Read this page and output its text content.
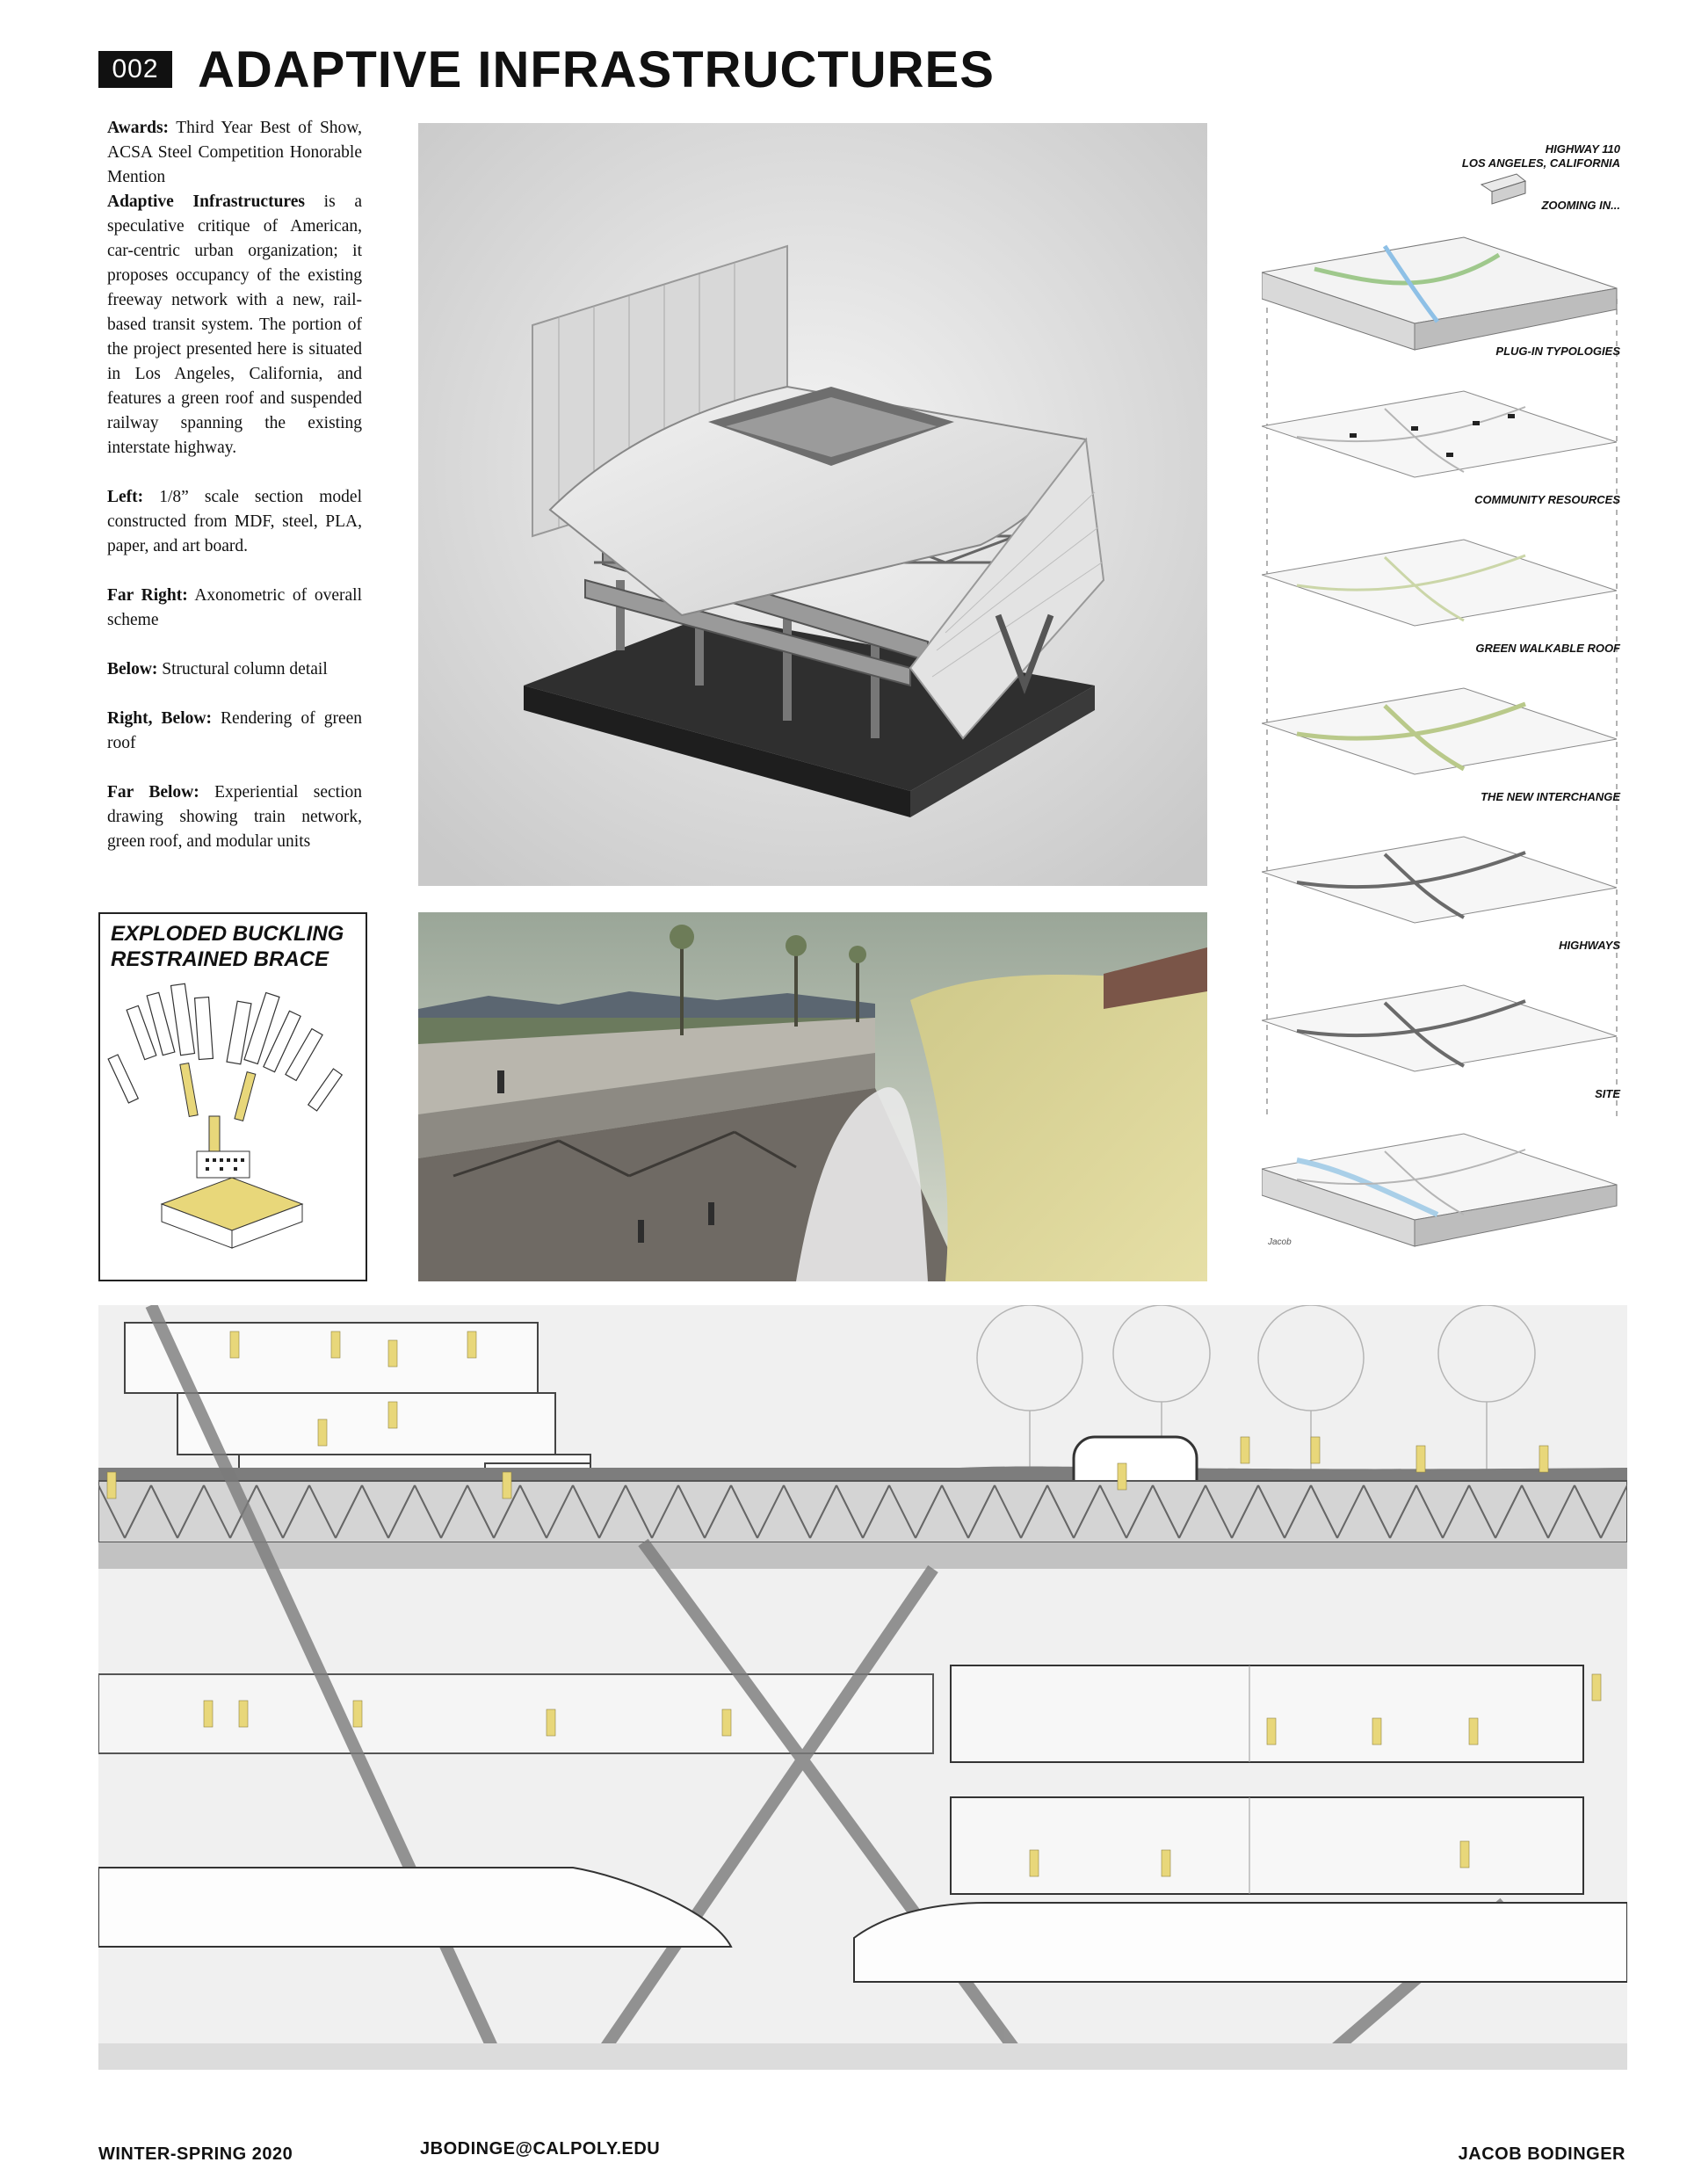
002 ADAPTIVE INFRASTRUCTURES

Awards: Third Year Best of Show, ACSA Steel Competition Honorable Mention

Adaptive Infrastructures is a speculative critique of American, car-centric urban organization; it proposes occupancy of the existing freeway network with a new, rail-based transit system. The portion of the project presented here is situated in Los Angeles, California, and features a green roof and suspended railway spanning the existing interstate highway.

Left: 1/8” scale section model constructed from MDF, steel, PLA, paper, and art board.

Far Right: Axonometric of overall scheme

Below: Structural column detail

Right, Below: Rendering of green roof

Far Below: Experiential section drawing showing train network, green roof, and modular units

EXPLODED BUCKLING RESTRAINED BRACE
HIGHWAY 110
LOS ANGELES, CALIFORNIA
ZOOMING IN...
PLUG-IN TYPOLOGIES
COMMUNITY RESOURCES
GREEN WALKABLE ROOF
THE NEW INTERCHANGE
HIGHWAYS
SITE
Jacob
WINTER-SPRING 2020	JBODINGE@CALPOLY.EDU	JACOB BODINGER
